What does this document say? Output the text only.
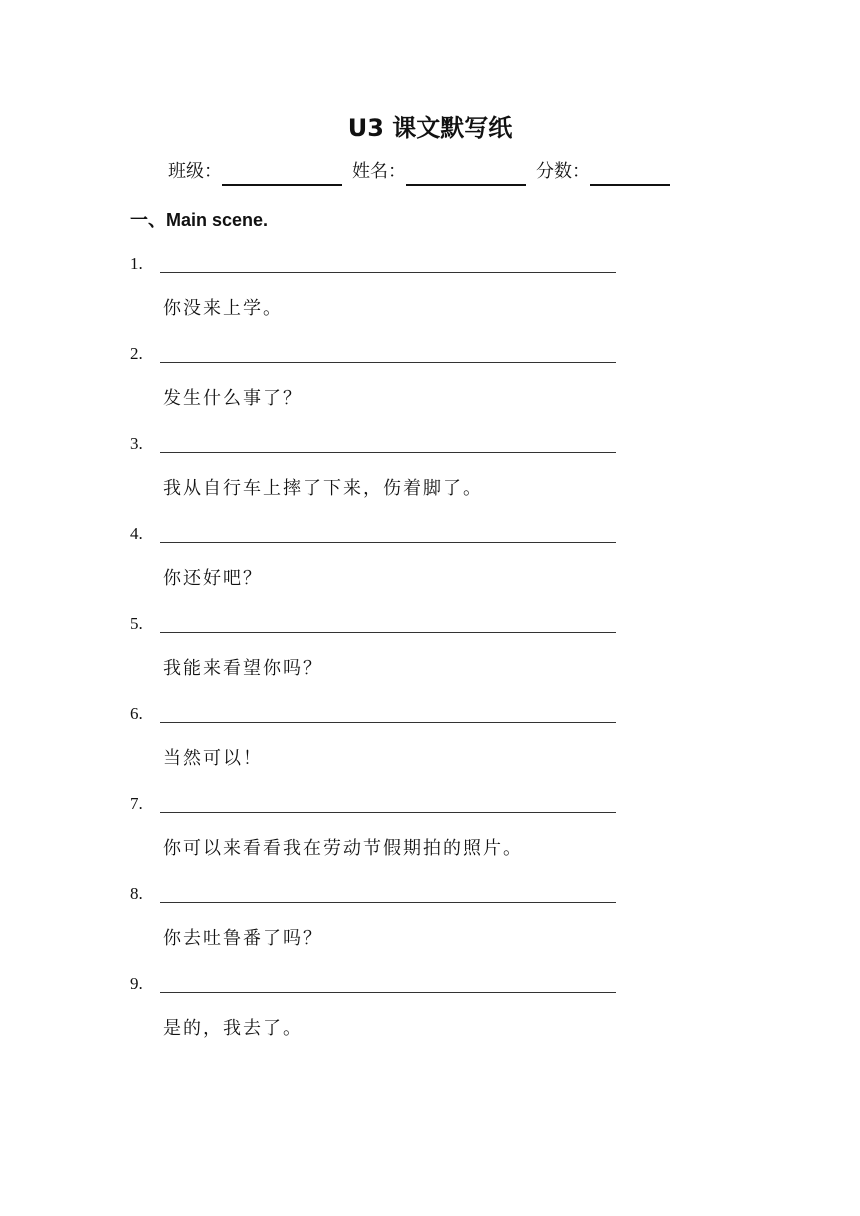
U3 课文默写纸
班级：	姓名：	分数：
一、Main scene.
1.
你没来上学。
2.
发生什么事了？
3.
我从自行车上摔了下来，伤着脚了。
4.
你还好吧？
5.
我能来看望你吗？
6.
当然可以！
7.
你可以来看看我在劳动节假期拍的照片。
8.
你去吐鲁番了吗？
9.
是的，我去了。
